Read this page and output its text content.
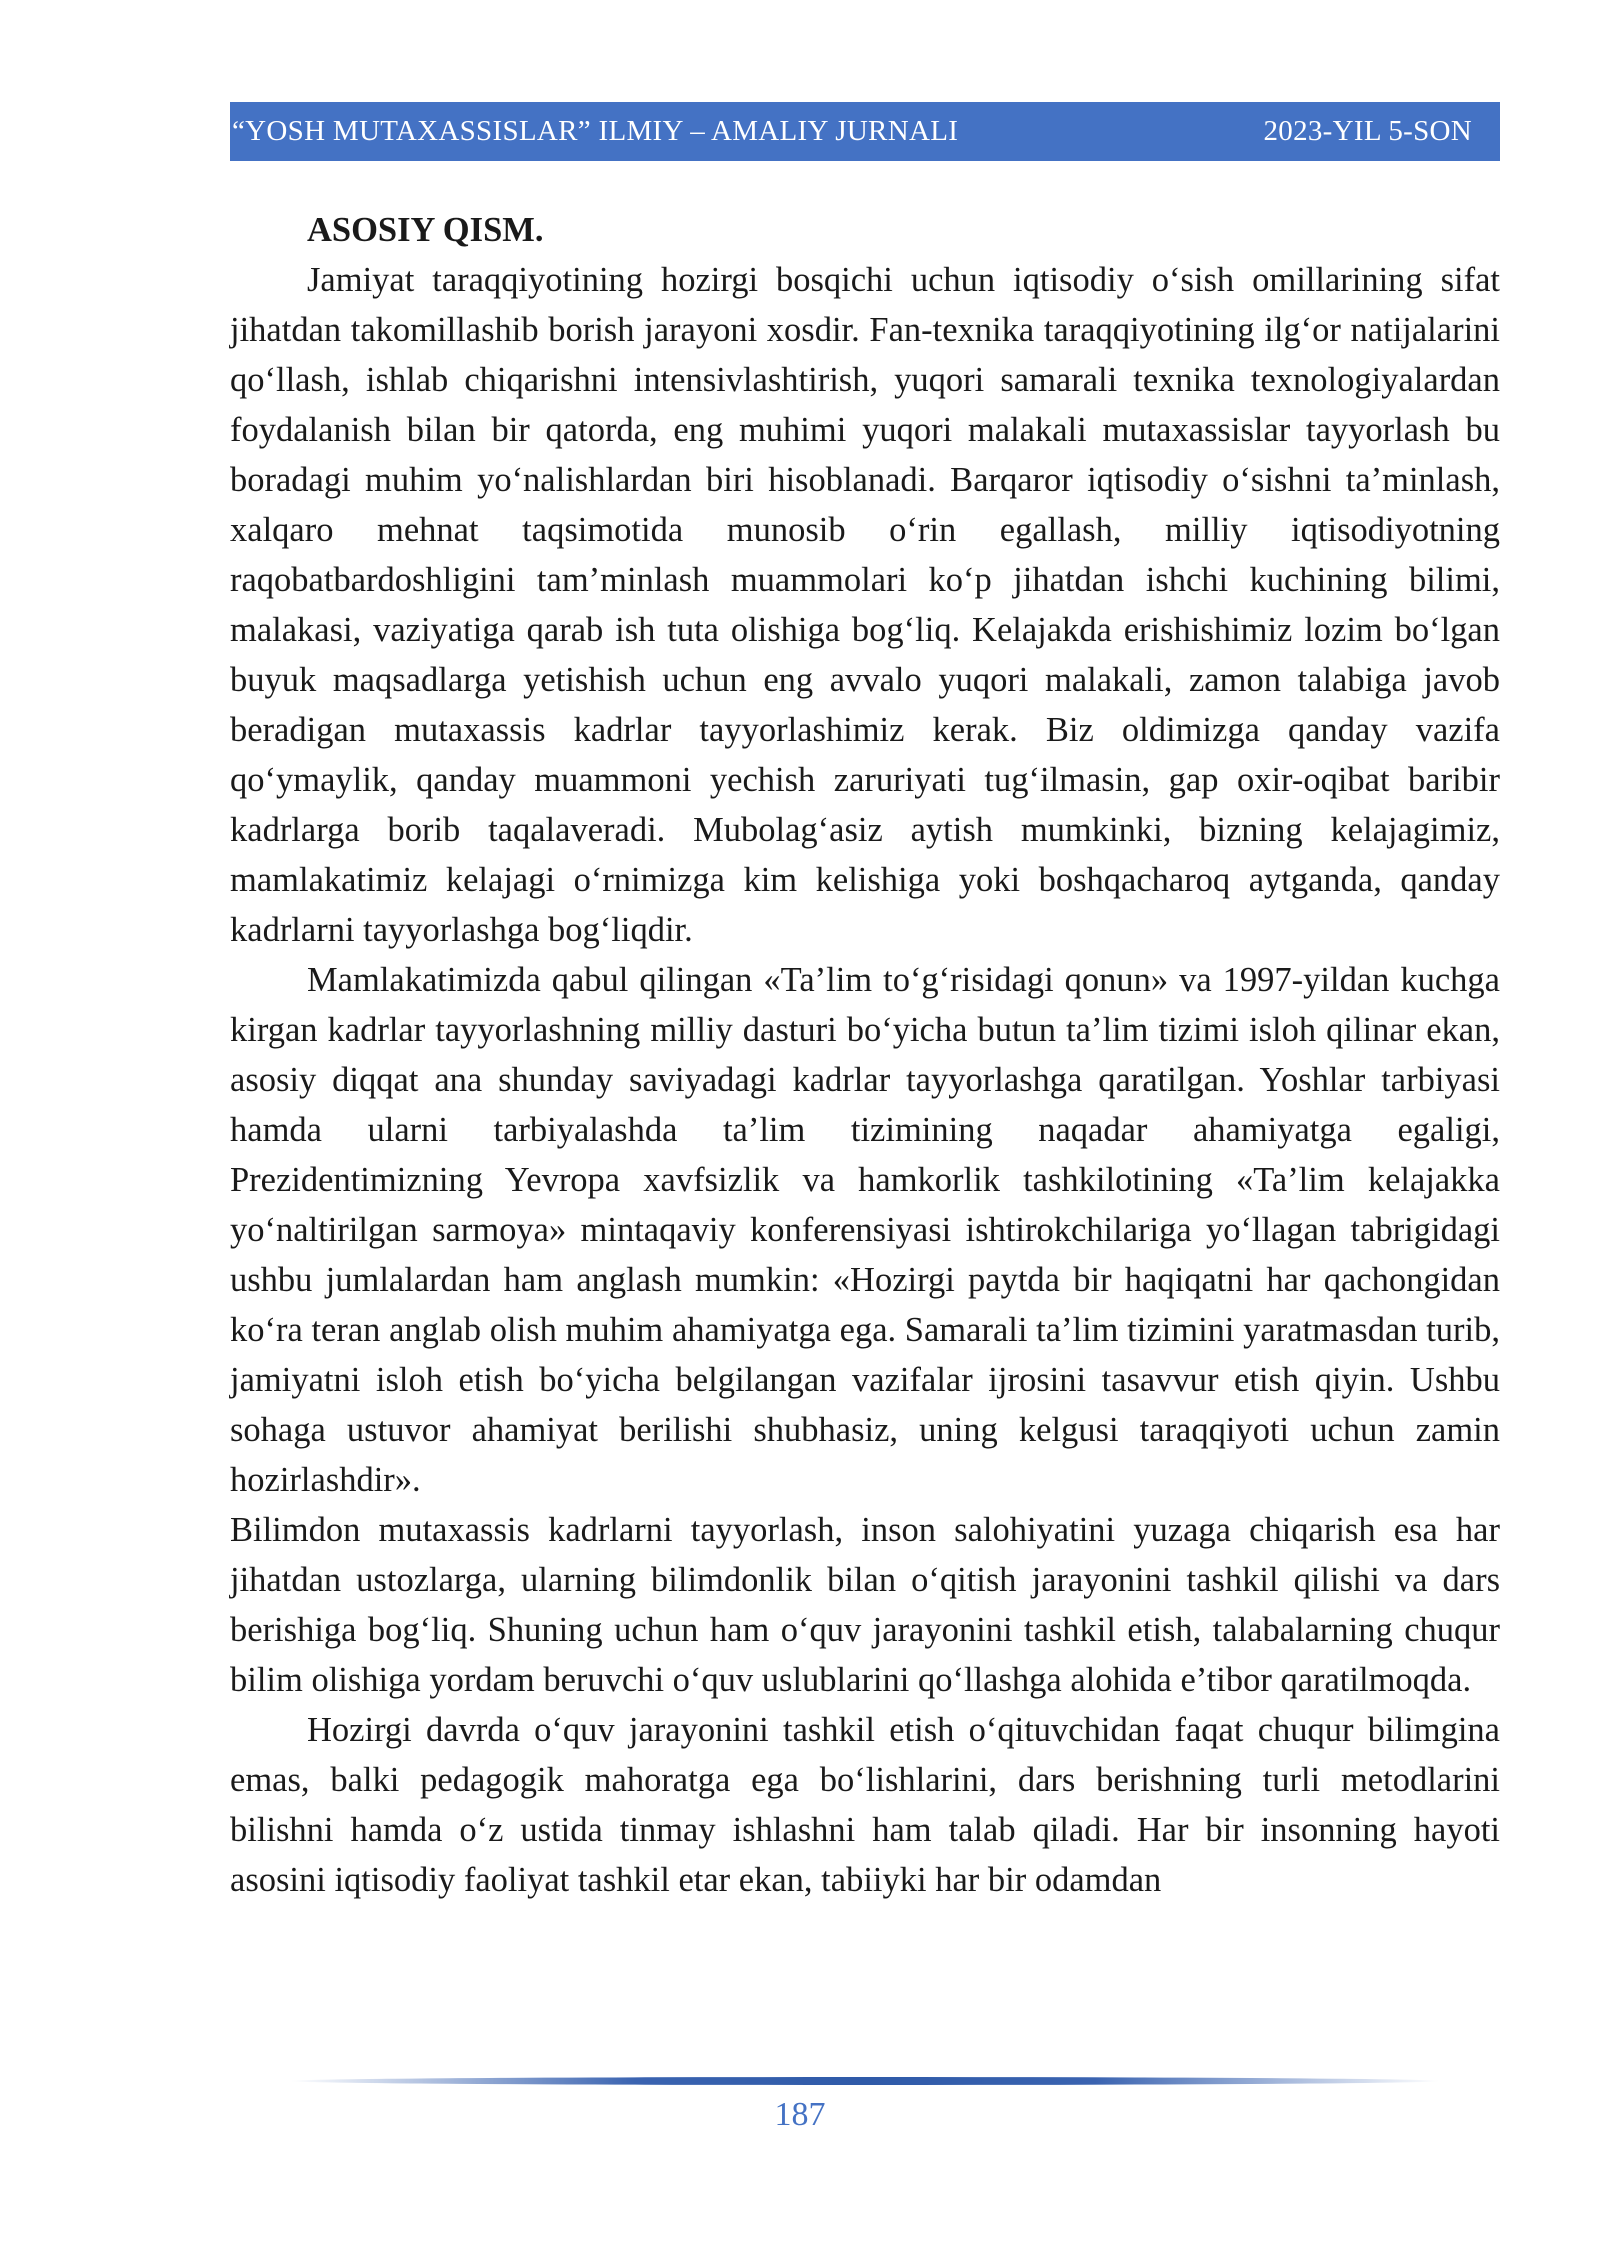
“YOSH MUTAXASSISLAR” ILMIY – AMALIY JURNALI	2023-YIL 5-SON

ASOSIY QISM.

Jamiyat taraqqiyotining hozirgi bosqichi uchun iqtisodiy o‘sish omillarining sifat jihatdan takomillashib borish jarayoni xosdir. Fan-texnika taraqqiyotining ilg‘or natijalarini qo‘llash, ishlab chiqarishni intensivlashtirish, yuqori samarali texnika texnologiyalardan foydalanish bilan bir qatorda, eng muhimi yuqori malakali mutaxassislar tayyorlash bu boradagi muhim yo‘nalishlardan biri hisoblanadi. Barqaror iqtisodiy o‘sishni ta’minlash, xalqaro mehnat taqsimotida munosib o‘rin egallash, milliy iqtisodiyotning raqobatbardoshligini tam’minlash muammolari ko‘p jihatdan ishchi kuchining bilimi, malakasi, vaziyatiga qarab ish tuta olishiga bog‘liq. Kelajakda erishishimiz lozim bo‘lgan buyuk maqsadlarga yetishish uchun eng avvalo yuqori malakali, zamon talabiga javob beradigan mutaxassis kadrlar tayyorlashimiz kerak. Biz oldimizga qanday vazifa qo‘ymaylik, qanday muammoni yechish zaruriyati tug‘ilmasin, gap oxir-oqibat baribir kadrlarga borib taqalaveradi. Mubolag‘asiz aytish mumkinki, bizning kelajagimiz, mamlakatimiz kelajagi o‘rnimizga kim kelishiga yoki boshqacharoq aytganda, qanday kadrlarni tayyorlashga bog‘liqdir.

Mamlakatimizda qabul qilingan «Ta’lim to‘g‘risidagi qonun» va 1997-yildan kuchga kirgan kadrlar tayyorlashning milliy dasturi bo‘yicha butun ta’lim tizimi isloh qilinar ekan, asosiy diqqat ana shunday saviyadagi kadrlar tayyorlashga qaratilgan. Yoshlar tarbiyasi hamda ularni tarbiyalashda ta’lim tizimining naqadar ahamiyatga egaligi, Prezidentimizning Yevropa xavfsizlik va hamkorlik tashkilotining «Ta’lim kelajakka yo‘naltirilgan sarmoya» mintaqaviy konferensiyasi ishtirokchilariga yo‘llagan tabrigidagi ushbu jumlalardan ham anglash mumkin: «Hozirgi paytda bir haqiqatni har qachongidan ko‘ra teran anglab olish muhim ahamiyatga ega. Samarali ta’lim tizimini yaratmasdan turib, jamiyatni isloh etish bo‘yicha belgilangan vazifalar ijrosini tasavvur etish qiyin. Ushbu sohaga ustuvor ahamiyat berilishi shubhasiz, uning kelgusi taraqqiyoti uchun zamin hozirlashdir».

Bilimdon mutaxassis kadrlarni tayyorlash, inson salohiyatini yuzaga chiqarish esa har jihatdan ustozlarga, ularning bilimdonlik bilan o‘qitish jarayonini tashkil qilishi va dars berishiga bog‘liq. Shuning uchun ham o‘quv jarayonini tashkil etish, talabalarning chuqur bilim olishiga yordam beruvchi o‘quv uslublarini qo‘llashga alohida e’tibor qaratilmoqda.

Hozirgi davrda o‘quv jarayonini tashkil etish o‘qituvchidan faqat chuqur bilimgina emas, balki pedagogik mahoratga ega bo‘lishlarini, dars berishning turli metodlarini bilishni hamda o‘z ustida tinmay ishlashni ham talab qiladi. Har bir insonning hayoti asosini iqtisodiy faoliyat tashkil etar ekan, tabiiyki har bir odamdan

187
